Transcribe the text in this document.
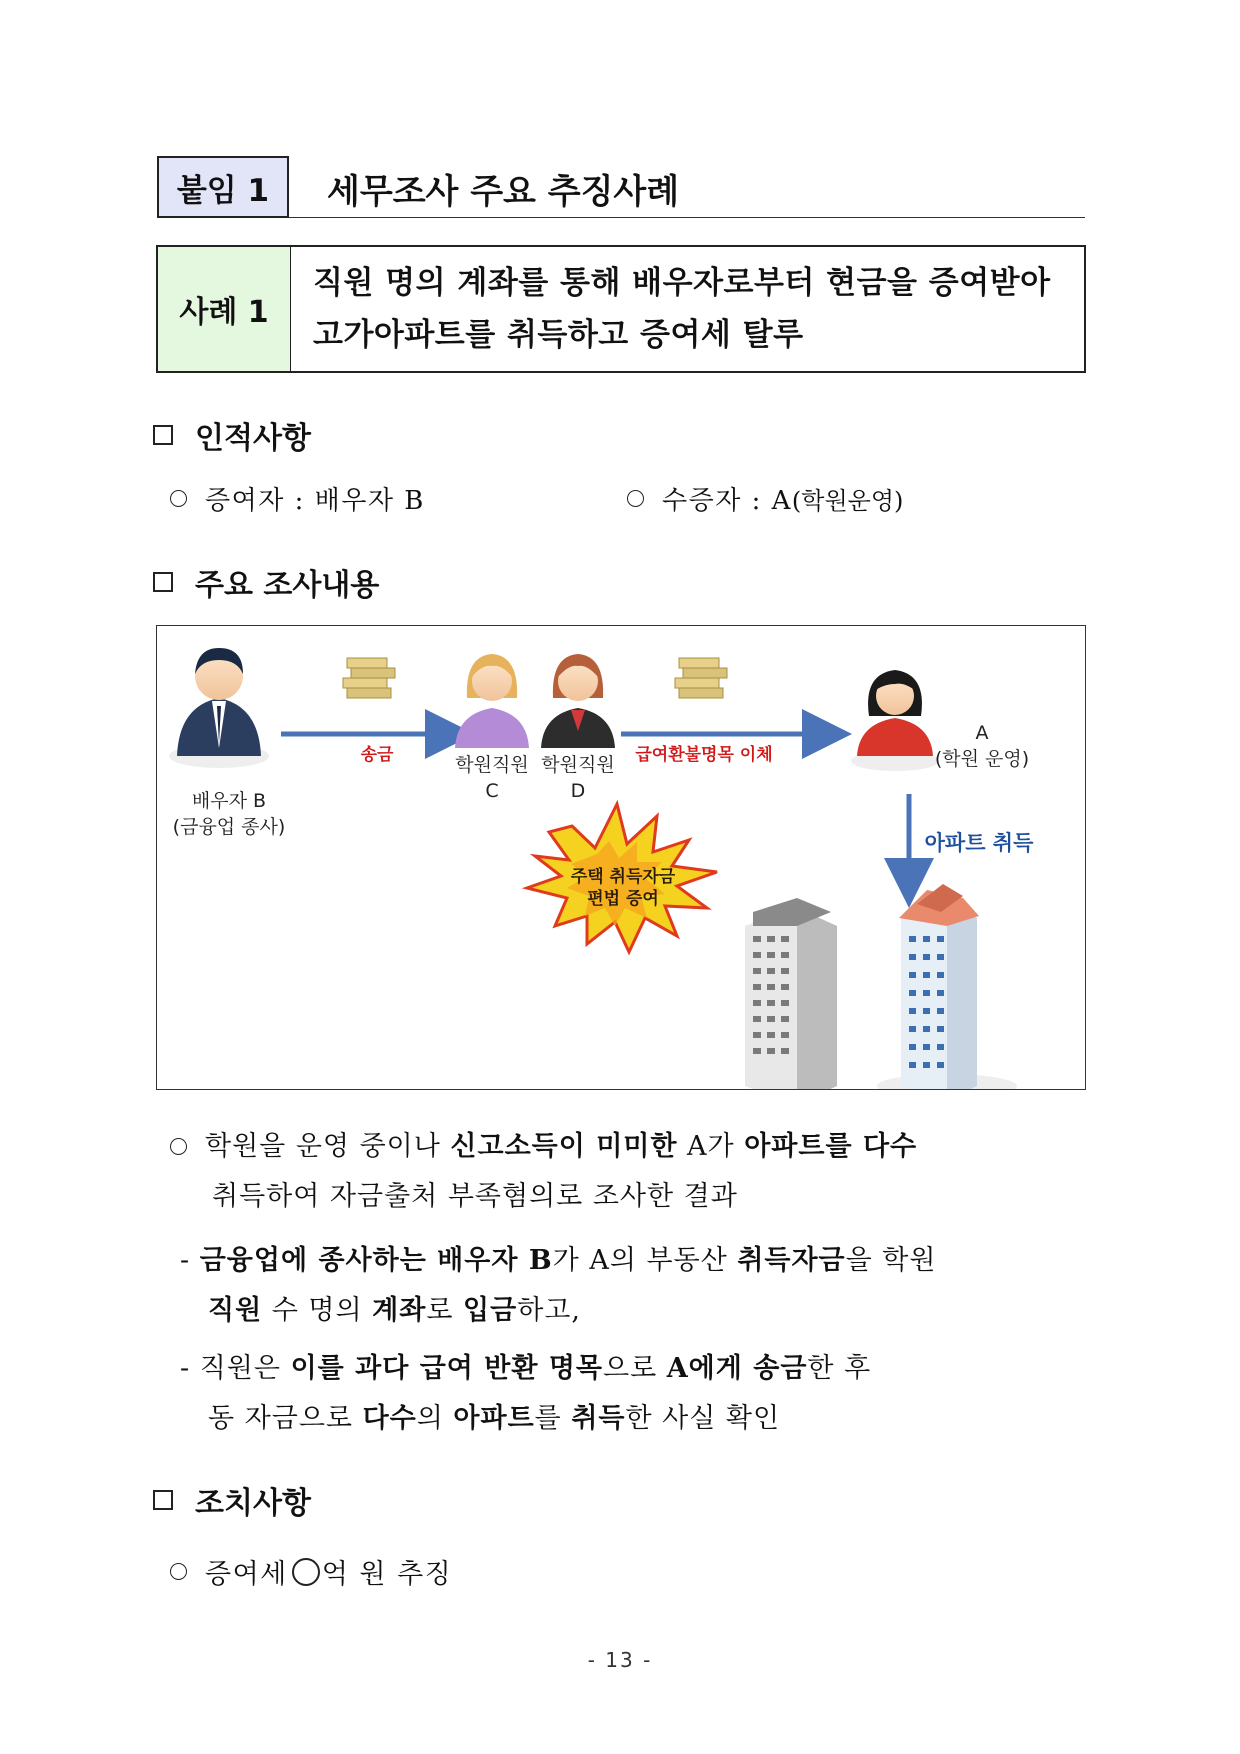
붙임 1	세무조사 주요 추징사례
사례 1
직원 명의 계좌를 통해 배우자로부터 현금을 증여받아
고가아파트를 취득하고 증여세 탈루
인적사항
증여자 : 배우자 B	수증자 : A (학원운영)
주요 조사내용
배우자 B
(금융업 종사)
송금	학원직원
C
학원직원
D
급여환불명목 이체
A
(학원 운영)
아파트 취득
주택 취득자금
편법 증여
학원을 운영 중이나 신고소득이 미미한 A가 아파트를 다수
취득하여 자금출처 부족혐의로 조사한 결과
- 금융업에 종사하는 배우자 B가 A의 부동산 취득자금을 학원
직원 수 명의 계좌로 입금하고,
- 직원은 이를 과다 급여 반환 명목으로 A에게 송금한 후
동 자금으로 다수의 아파트를 취득한 사실 확인
조치사항
증여세 억 원 추징
- 13 -
